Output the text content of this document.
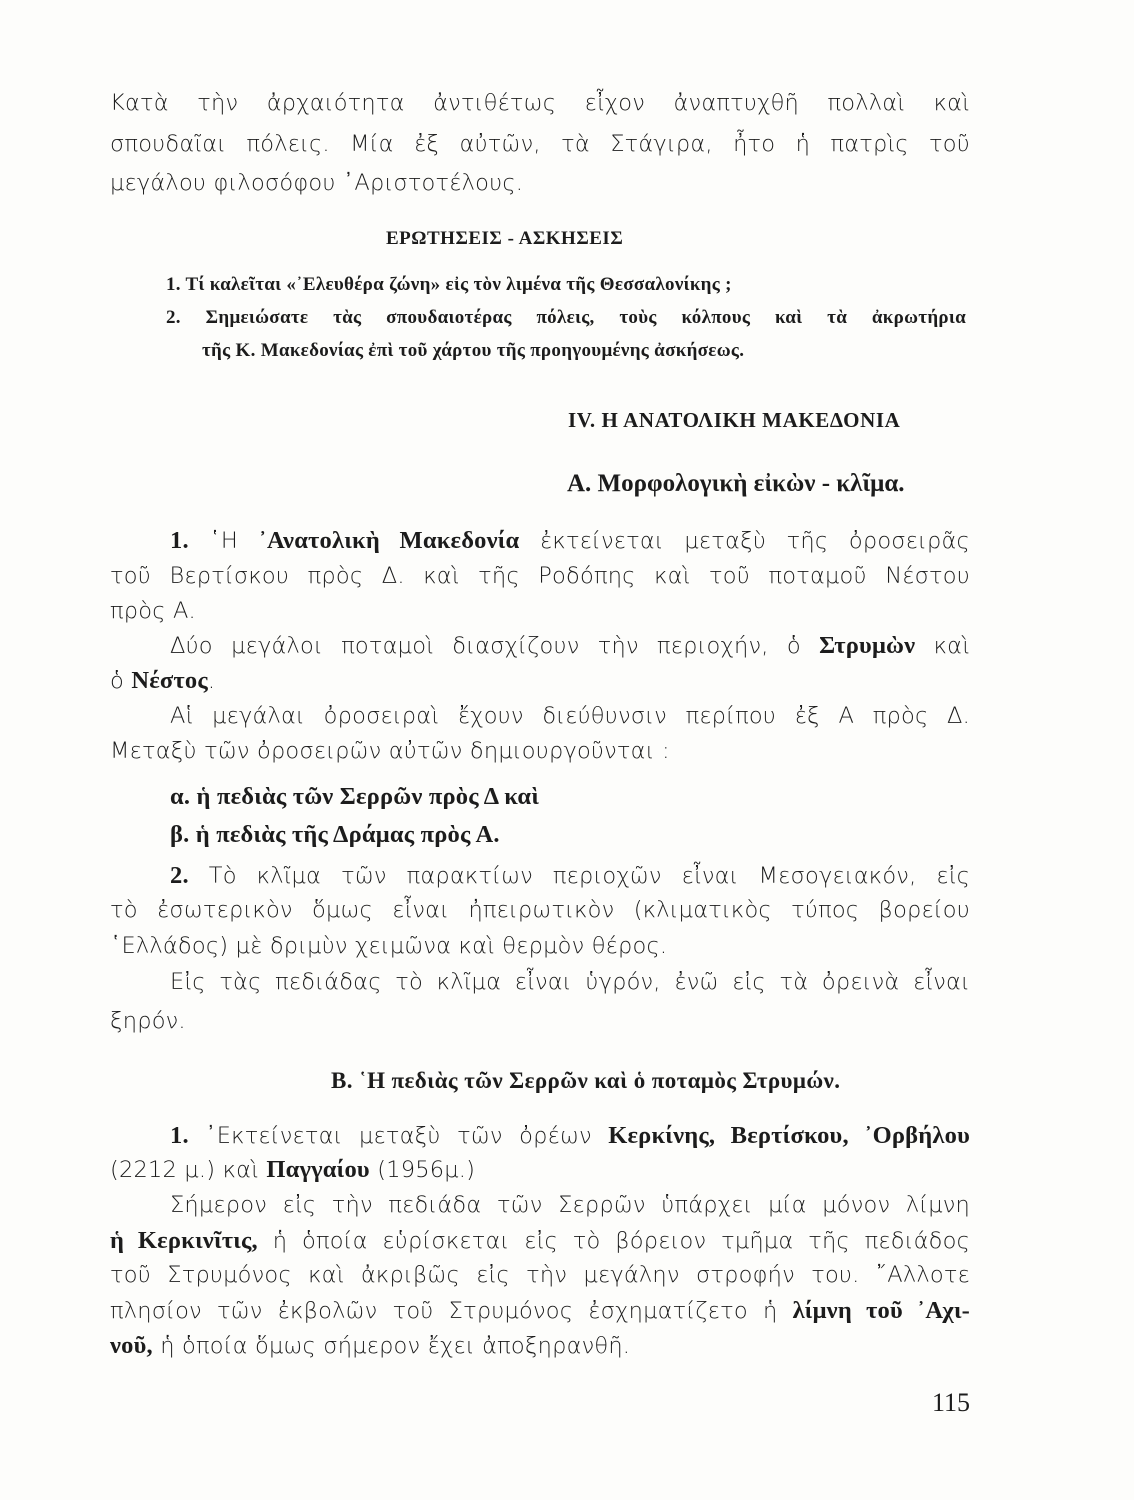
Κατὰ τὴν ἀρχαιότητα ἀντιθέτως εἶχον ἀναπτυχθῆ πολλαὶ καὶ
σπουδαῖαι πόλεις. Μία ἐξ αὐτῶν, τὰ Στάγιρα, ἦτο ἡ πατρὶς τοῦ
μεγάλου φιλοσόφου ᾿Αριστοτέλους.
ΕΡΩΤΗΣΕΙΣ - ΑΣΚΗΣΕΙΣ
1. Τί καλεῖται «᾿Ελευθέρα ζώνη» εἰς τὸν λιμένα τῆς Θεσσαλονίκης ;
2. Σημειώσατε τὰς σπουδαιοτέρας πόλεις, τοὺς κόλπους καὶ τὰ ἀκρωτήρια
τῆς Κ. Μακεδονίας ἐπὶ τοῦ χάρτου τῆς προηγουμένης ἀσκήσεως.
IV. Η ΑΝΑΤΟΛΙΚΗ ΜΑΚΕΔΟΝΙΑ
Α. Μορφολογικὴ εἰκὼν - κλῖμα.
1. ῾Η ᾿Ανατολικὴ Μακεδονία ἐκτείνεται μεταξὺ τῆς ὀροσειρᾶς
τοῦ Βερτίσκου πρὸς Δ. καὶ τῆς Ροδόπης καὶ τοῦ ποταμοῦ Νέστου
πρὸς Α.
Δύο μεγάλοι ποταμοὶ διασχίζουν τὴν περιοχήν, ὁ Στρυμὼν καὶ
ὁ Νέστος.
Αἱ μεγάλαι ὀροσειραὶ ἔχουν διεύθυνσιν περίπου ἐξ Α πρὸς Δ.
Μεταξὺ τῶν ὀροσειρῶν αὐτῶν δημιουργοῦνται :
α. ἡ πεδιὰς τῶν Σερρῶν πρὸς Δ καὶ
β. ἡ πεδιὰς τῆς Δράμας πρὸς Α.
2. Τὸ κλῖμα τῶν παρακτίων περιοχῶν εἶναι Μεσογειακόν, εἰς
τὸ ἐσωτερικὸν ὅμως εἶναι ἠπειρωτικὸν (κλιματικὸς τύπος βορείου
῾Ελλάδος) μὲ δριμὺν χειμῶνα καὶ θερμὸν θέρος.
Εἰς τὰς πεδιάδας τὸ κλῖμα εἶναι ὑγρόν, ἐνῶ εἰς τὰ ὀρεινὰ εἶναι
ξηρόν.
Β. ῾Η πεδιὰς τῶν Σερρῶν καὶ ὁ ποταμὸς Στρυμών.
1. ᾿Εκτείνεται μεταξὺ τῶν ὀρέων Κερκίνης, Βερτίσκου, ᾿Ορβήλου
(2212 μ.) καὶ Παγγαίου (1956μ.)
Σήμερον εἰς τὴν πεδιάδα τῶν Σερρῶν ὑπάρχει μία μόνον λίμνη
ἡ Κερκινῖτις, ἡ ὁποία εὑρίσκεται εἰς τὸ βόρειον τμῆμα τῆς πεδιάδος
τοῦ Στρυμόνος καὶ ἀκριβῶς εἰς τὴν μεγάλην στροφήν του. ῎Αλλοτε
πλησίον τῶν ἐκβολῶν τοῦ Στρυμόνος ἐσχηματίζετο ἡ λίμνη τοῦ ᾿Αχι-
νοῦ, ἡ ὁποία ὅμως σήμερον ἔχει ἀποξηρανθῆ.
115
